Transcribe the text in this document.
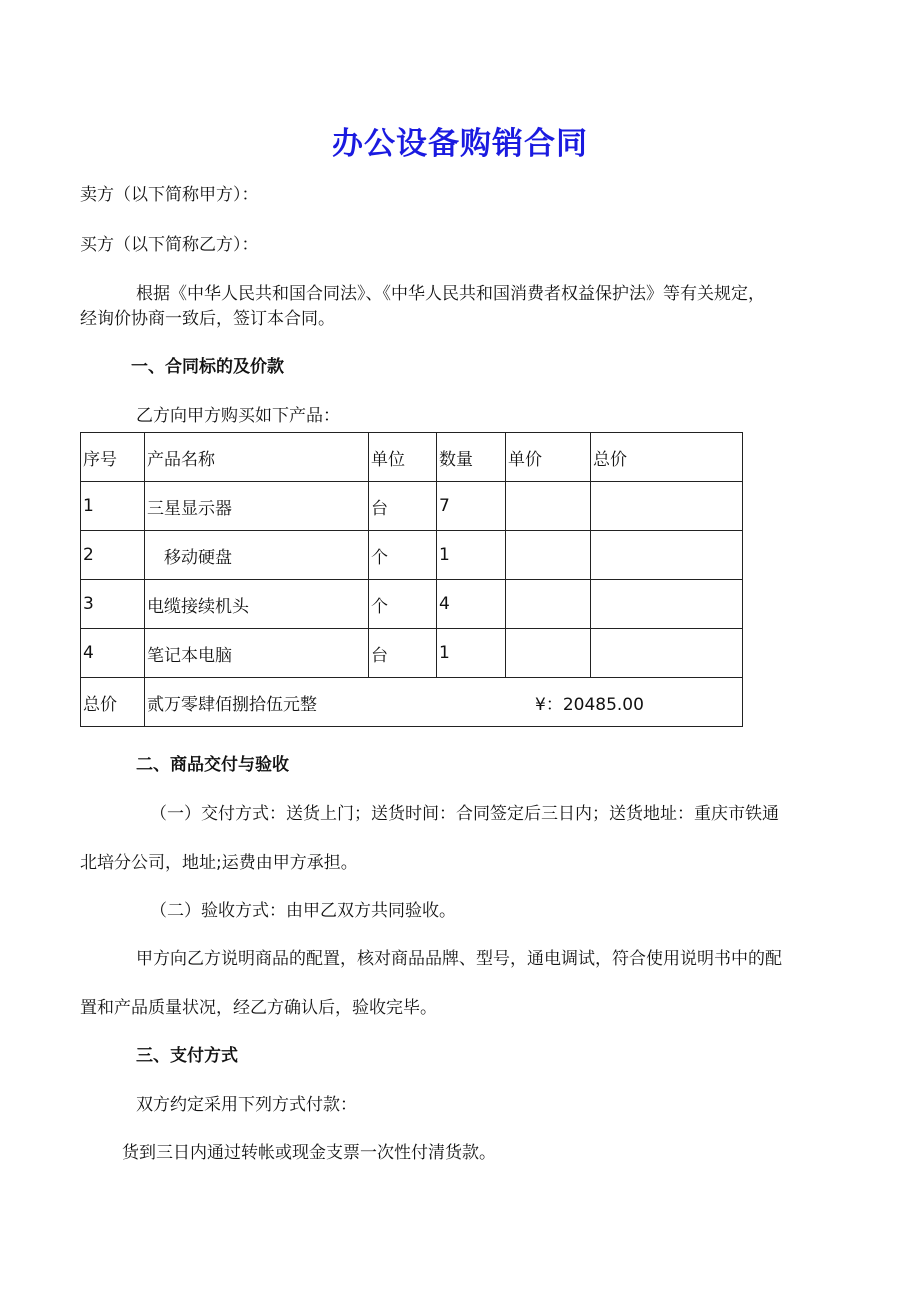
办公设备购销合同
卖方（以下简称甲方）：
买方（以下简称乙方）：
根据《中华人民共和国合同法》、《中华人民共和国消费者权益保护法》等有关规定，
经询价协商一致后，签订本合同。
一、合同标的及价款
乙方向甲方购买如下产品：
序号	产品名称	单位	数量	单价	总价
1	三星显示器	台	7		
2	移动硬盘	个	1		
3	电缆接续机头	个	4		
4	笔记本电脑	台	1		
总价	贰万零肆佰捌拾伍元整 ¥：20485.00				
二、商品交付与验收
（一）交付方式：送货上门；送货时间：合同签定后三日内；送货地址：重庆市铁通
北培分公司，地址;运费由甲方承担。
（二）验收方式：由甲乙双方共同验收。
甲方向乙方说明商品的配置，核对商品品牌、型号，通电调试，符合使用说明书中的配
置和产品质量状况，经乙方确认后，验收完毕。
三、支付方式
双方约定采用下列方式付款：
货到三日内通过转帐或现金支票一次性付清货款。
